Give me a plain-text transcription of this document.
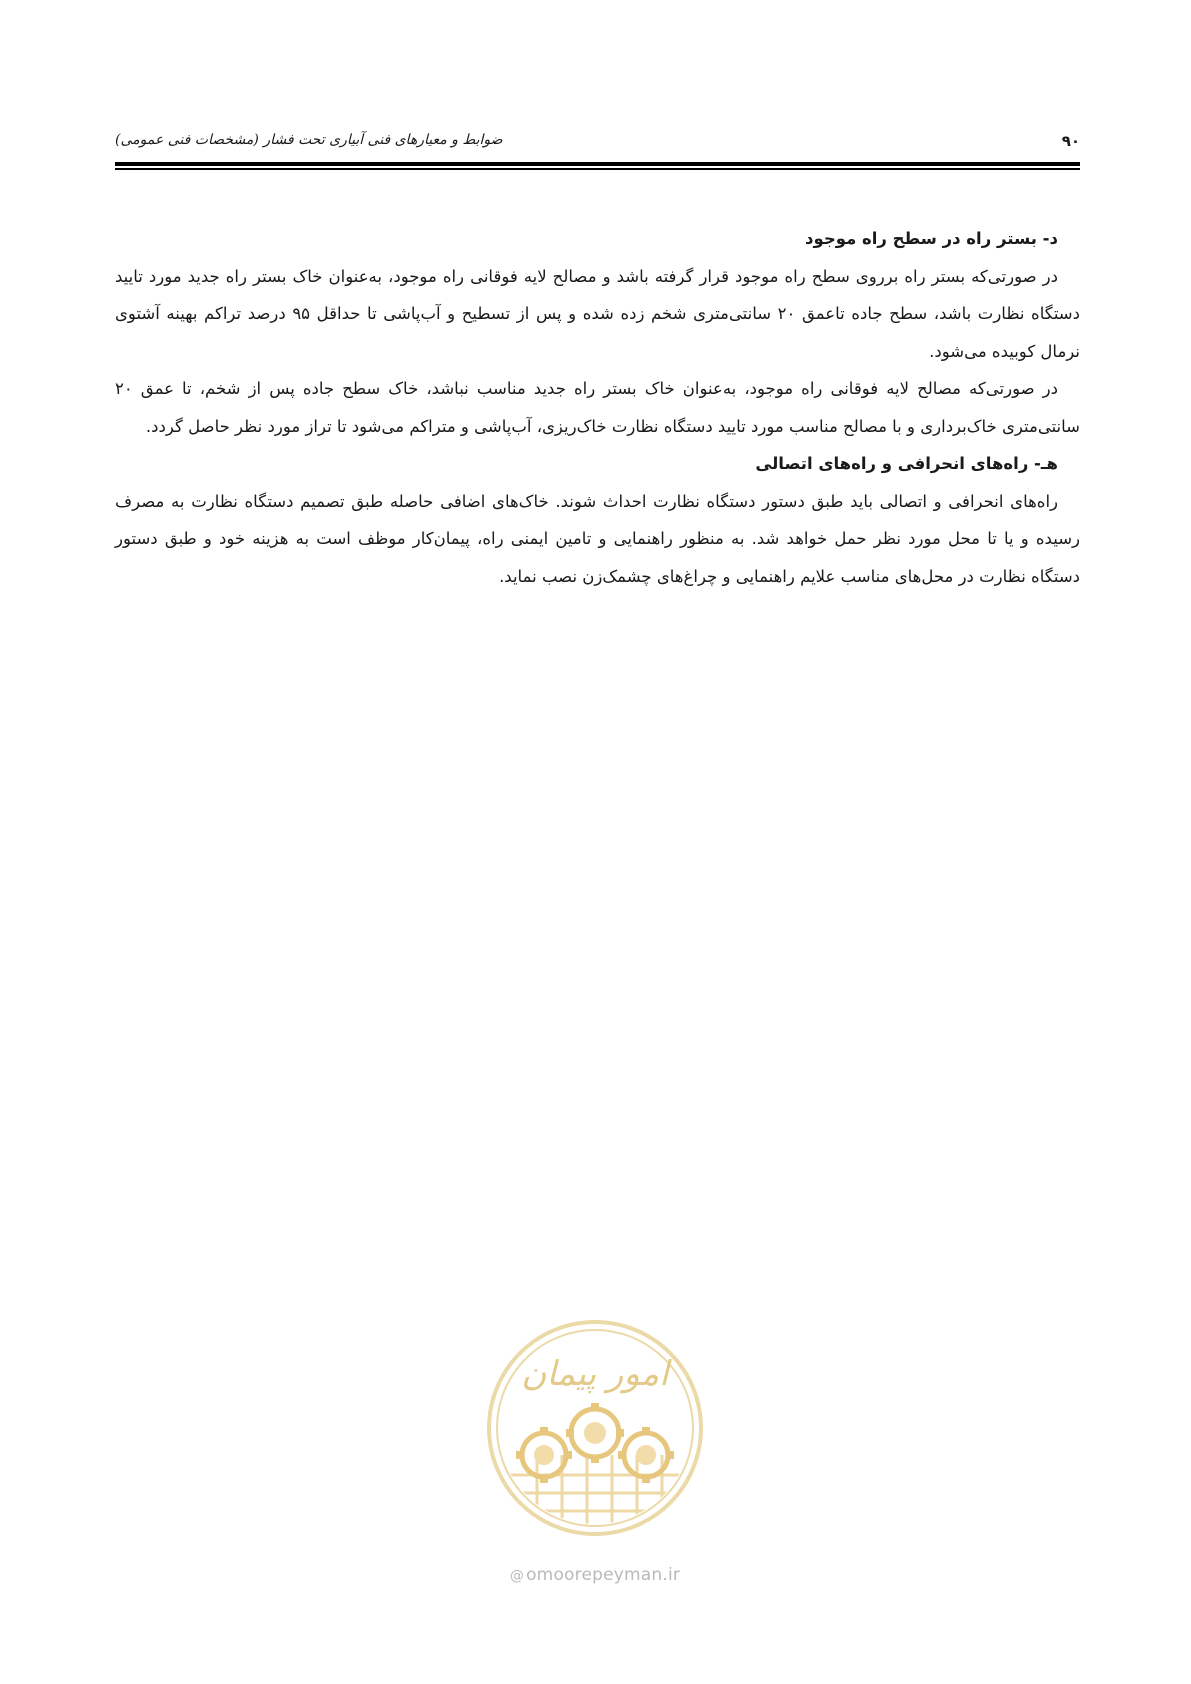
۹۰
ضوابط و معیارهای فنی آبیاری تحت فشار (مشخصات فنی عمومی)

د- بستر راه در سطح راه موجود

در صورتی‌که بستر راه برروی سطح راه موجود قرار گرفته باشد و مصالح لایه فوقانی راه موجود، به‌عنوان خاک بستر راه جدید مورد تایید دستگاه نظارت باشد، سطح جاده تاعمق ۲۰ سانتی‌متری شخم زده شده و پس از تسطیح و آب‌پاشی تا حداقل ۹۵ درصد تراکم بهینه آشتوی نرمال کوبیده می‌شود.

در صورتی‌که مصالح لایه فوقانی راه موجود، به‌عنوان خاک بستر راه جدید مناسب نباشد، خاک سطح جاده پس از شخم، تا عمق ۲۰ سانتی‌متری خاک‌برداری و با مصالح مناسب مورد تایید دستگاه نظارت خاک‌ریزی، آب‌پاشی و متراکم می‌شود تا تراز مورد نظر حاصل گردد.

هـ- راه‌های انحرافی و راه‌های اتصالی

راه‌های انحرافی و اتصالی باید طبق دستور دستگاه نظارت احداث شوند. خاک‌های اضافی حاصله طبق تصمیم دستگاه نظارت به مصرف رسیده و یا تا محل مورد نظر حمل خواهد شد. به منظور راهنمایی و تامین ایمنی راه، پیمان‌کار موظف است به هزینه خود و طبق دستور دستگاه نظارت در محل‌های مناسب علایم راهنمایی و چراغ‌های چشمک‌زن نصب نماید.

امور پیمان
@ omoorepeyman.ir
